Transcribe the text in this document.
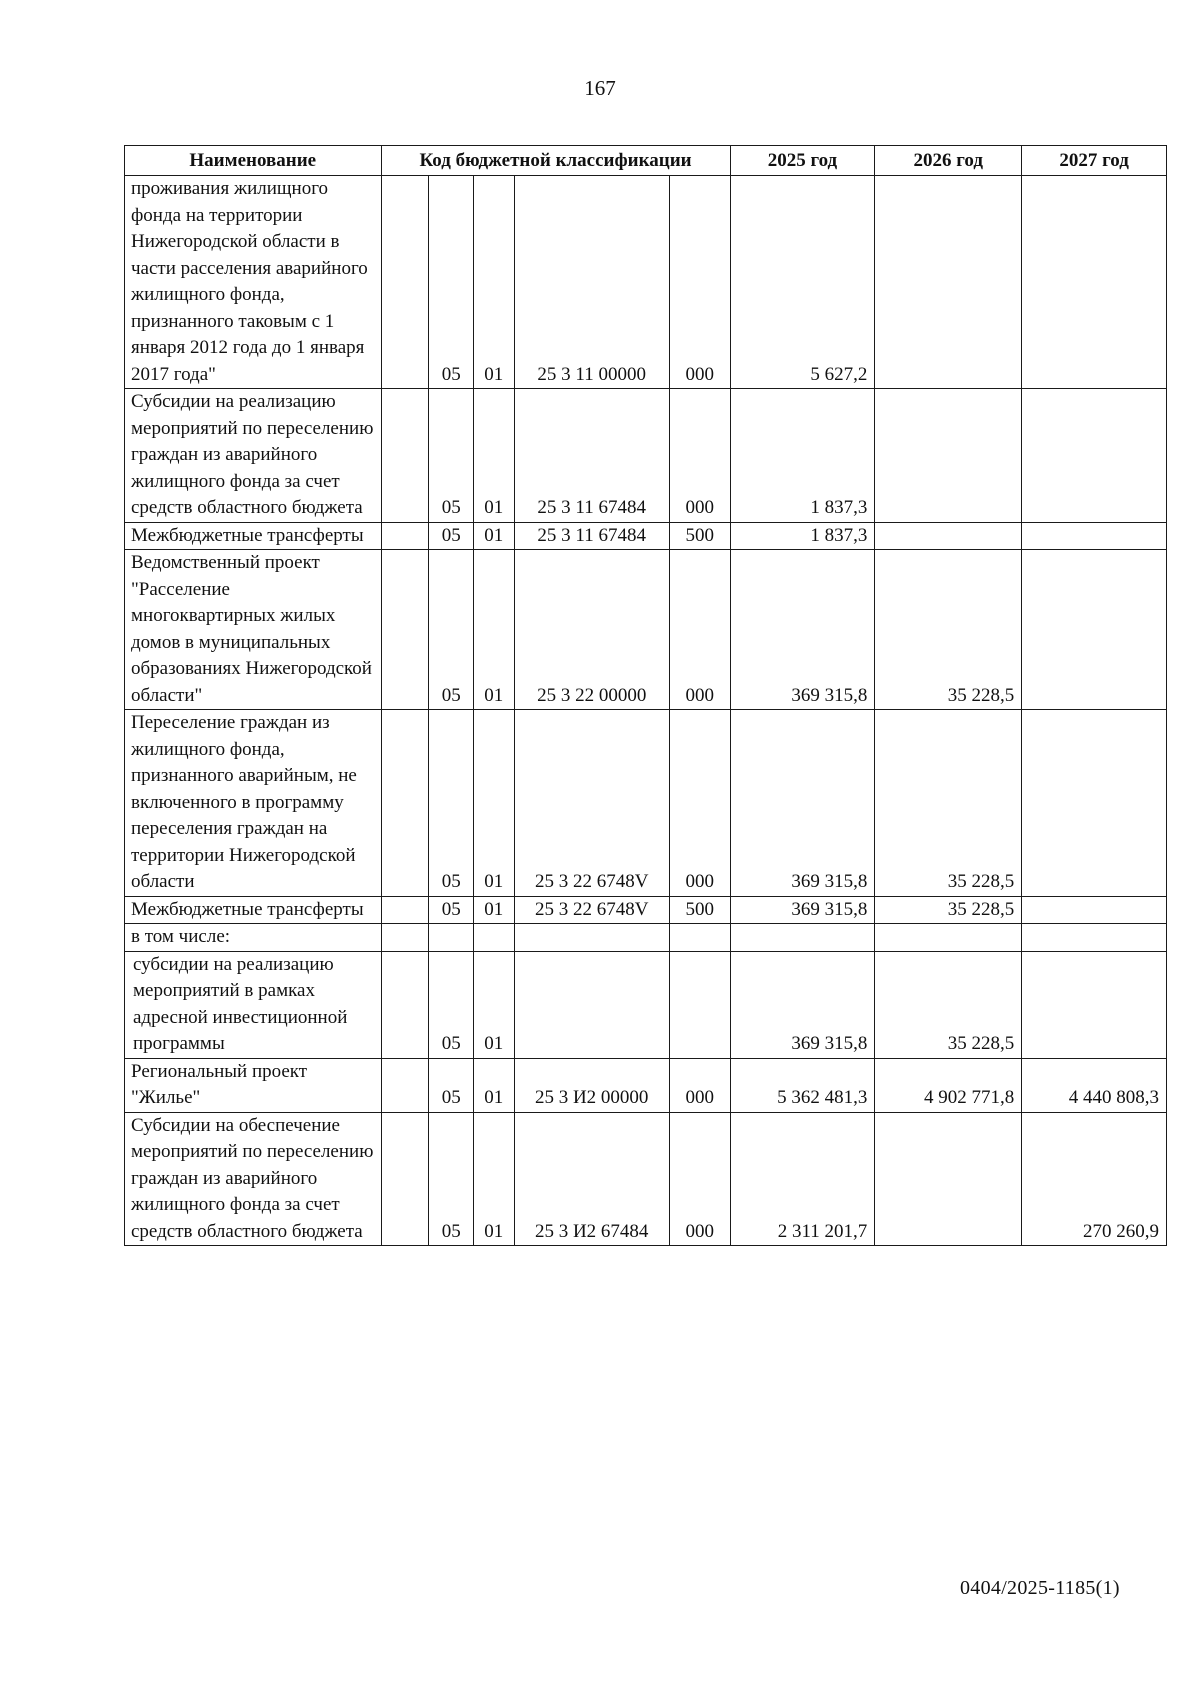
167
Наименование	Код бюджетной классификации					2025 год	2026 год	2027 год
проживания жилищного фонда на территории Нижегородской области в части расселения аварийного жилищного фонда, признанного таковым с 1 января 2012 года до 1 января 2017 года"		05	01	25 3 11 00000	000	5 627,2		
Субсидии на реализацию мероприятий по переселению граждан из аварийного жилищного фонда за счет средств областного бюджета		05	01	25 3 11 67484	000	1 837,3		
Межбюджетные трансферты		05	01	25 3 11 67484	500	1 837,3		
Ведомственный проект "Расселение многоквартирных жилых домов в муниципальных образованиях Нижегородской области"		05	01	25 3 22 00000	000	369 315,8	35 228,5	
Переселение граждан из жилищного фонда, признанного аварийным, не включенного в программу переселения граждан на территории Нижегородской области		05	01	25 3 22 6748V	000	369 315,8	35 228,5	
Межбюджетные трансферты		05	01	25 3 22 6748V	500	369 315,8	35 228,5	
в том числе:								
субсидии на реализацию мероприятий в рамках адресной инвестиционной программы		05	01			369 315,8	35 228,5	
Региональный проект "Жилье"		05	01	25 3 И2 00000	000	5 362 481,3	4 902 771,8	4 440 808,3
Субсидии на обеспечение мероприятий по переселению граждан из аварийного жилищного фонда за счет средств областного бюджета		05	01	25 3 И2 67484	000	2 311 201,7		270 260,9
0404/2025-1185(1)
